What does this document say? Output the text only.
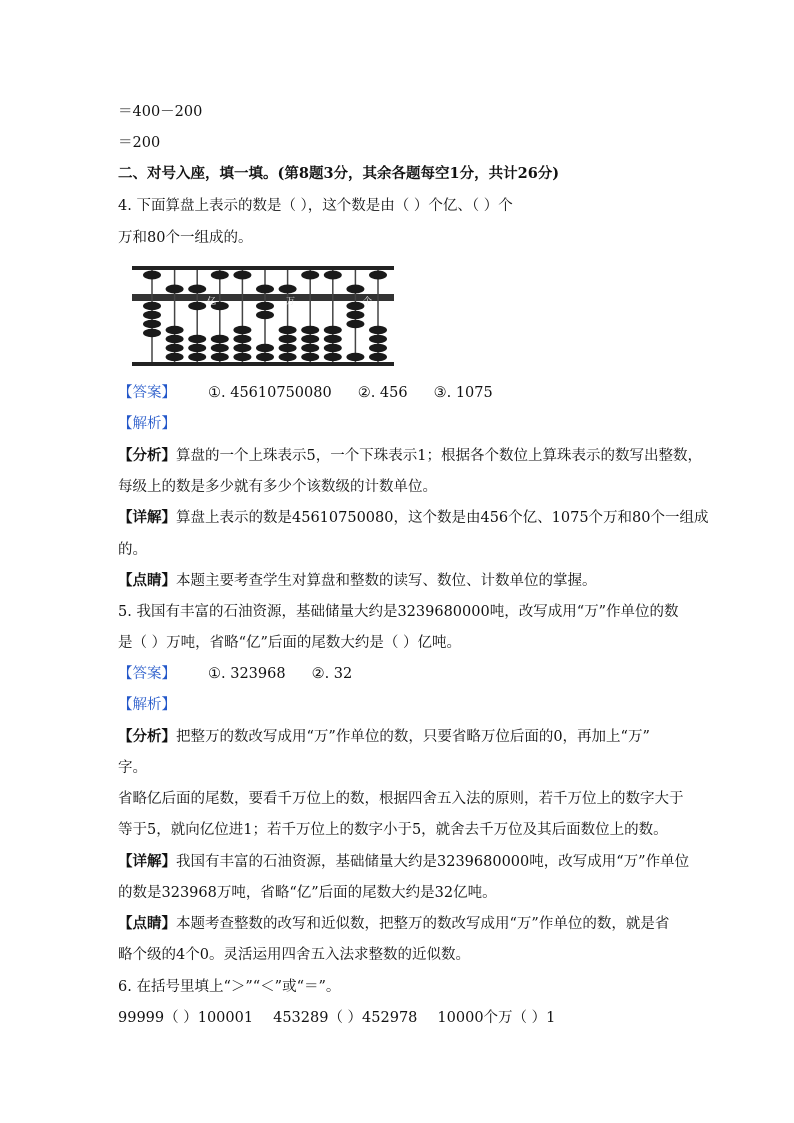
＝400－200
＝200
二、对号入座，填一填。(第8题3分，其余各题每空1分，共计26分)
4. 下面算盘上表示的数是（ ），这个数是由（ ）个亿、（ ）个
万和80个一组成的。
亿	万	个
【答案】 ①. 45610750080 ②. 456 ③. 1075
【解析】
【分析】算盘的一个上珠表示5，一个下珠表示1；根据各个数位上算珠表示的数写出整数，
每级上的数是多少就有多少个该数级的计数单位。
【详解】算盘上表示的数是45610750080，这个数是由456个亿、1075个万和80个一组成
的。
【点睛】本题主要考查学生对算盘和整数的读写、数位、计数单位的掌握。
5. 我国有丰富的石油资源，基础储量大约是3239680000吨，改写成用“万”作单位的数
是（ ）万吨，省略“亿”后面的尾数大约是（ ）亿吨。
【答案】 ①. 323968 ②. 32
【解析】
【分析】把整万的数改写成用“万”作单位的数，只要省略万位后面的0，再加上“万”
字。
省略亿后面的尾数，要看千万位上的数，根据四舍五入法的原则，若千万位上的数字大于
等于5，就向亿位进1；若千万位上的数字小于5，就舍去千万位及其后面数位上的数。
【详解】我国有丰富的石油资源，基础储量大约是3239680000吨，改写成用“万”作单位
的数是323968万吨，省略“亿”后面的尾数大约是32亿吨。
【点睛】本题考查整数的改写和近似数，把整万的数改写成用“万”作单位的数，就是省
略个级的4个0。灵活运用四舍五入法求整数的近似数。
6. 在括号里填上“＞”“＜”或“＝”。
99999（ ）100001 453289（ ）452978 10000个万（ ）1
